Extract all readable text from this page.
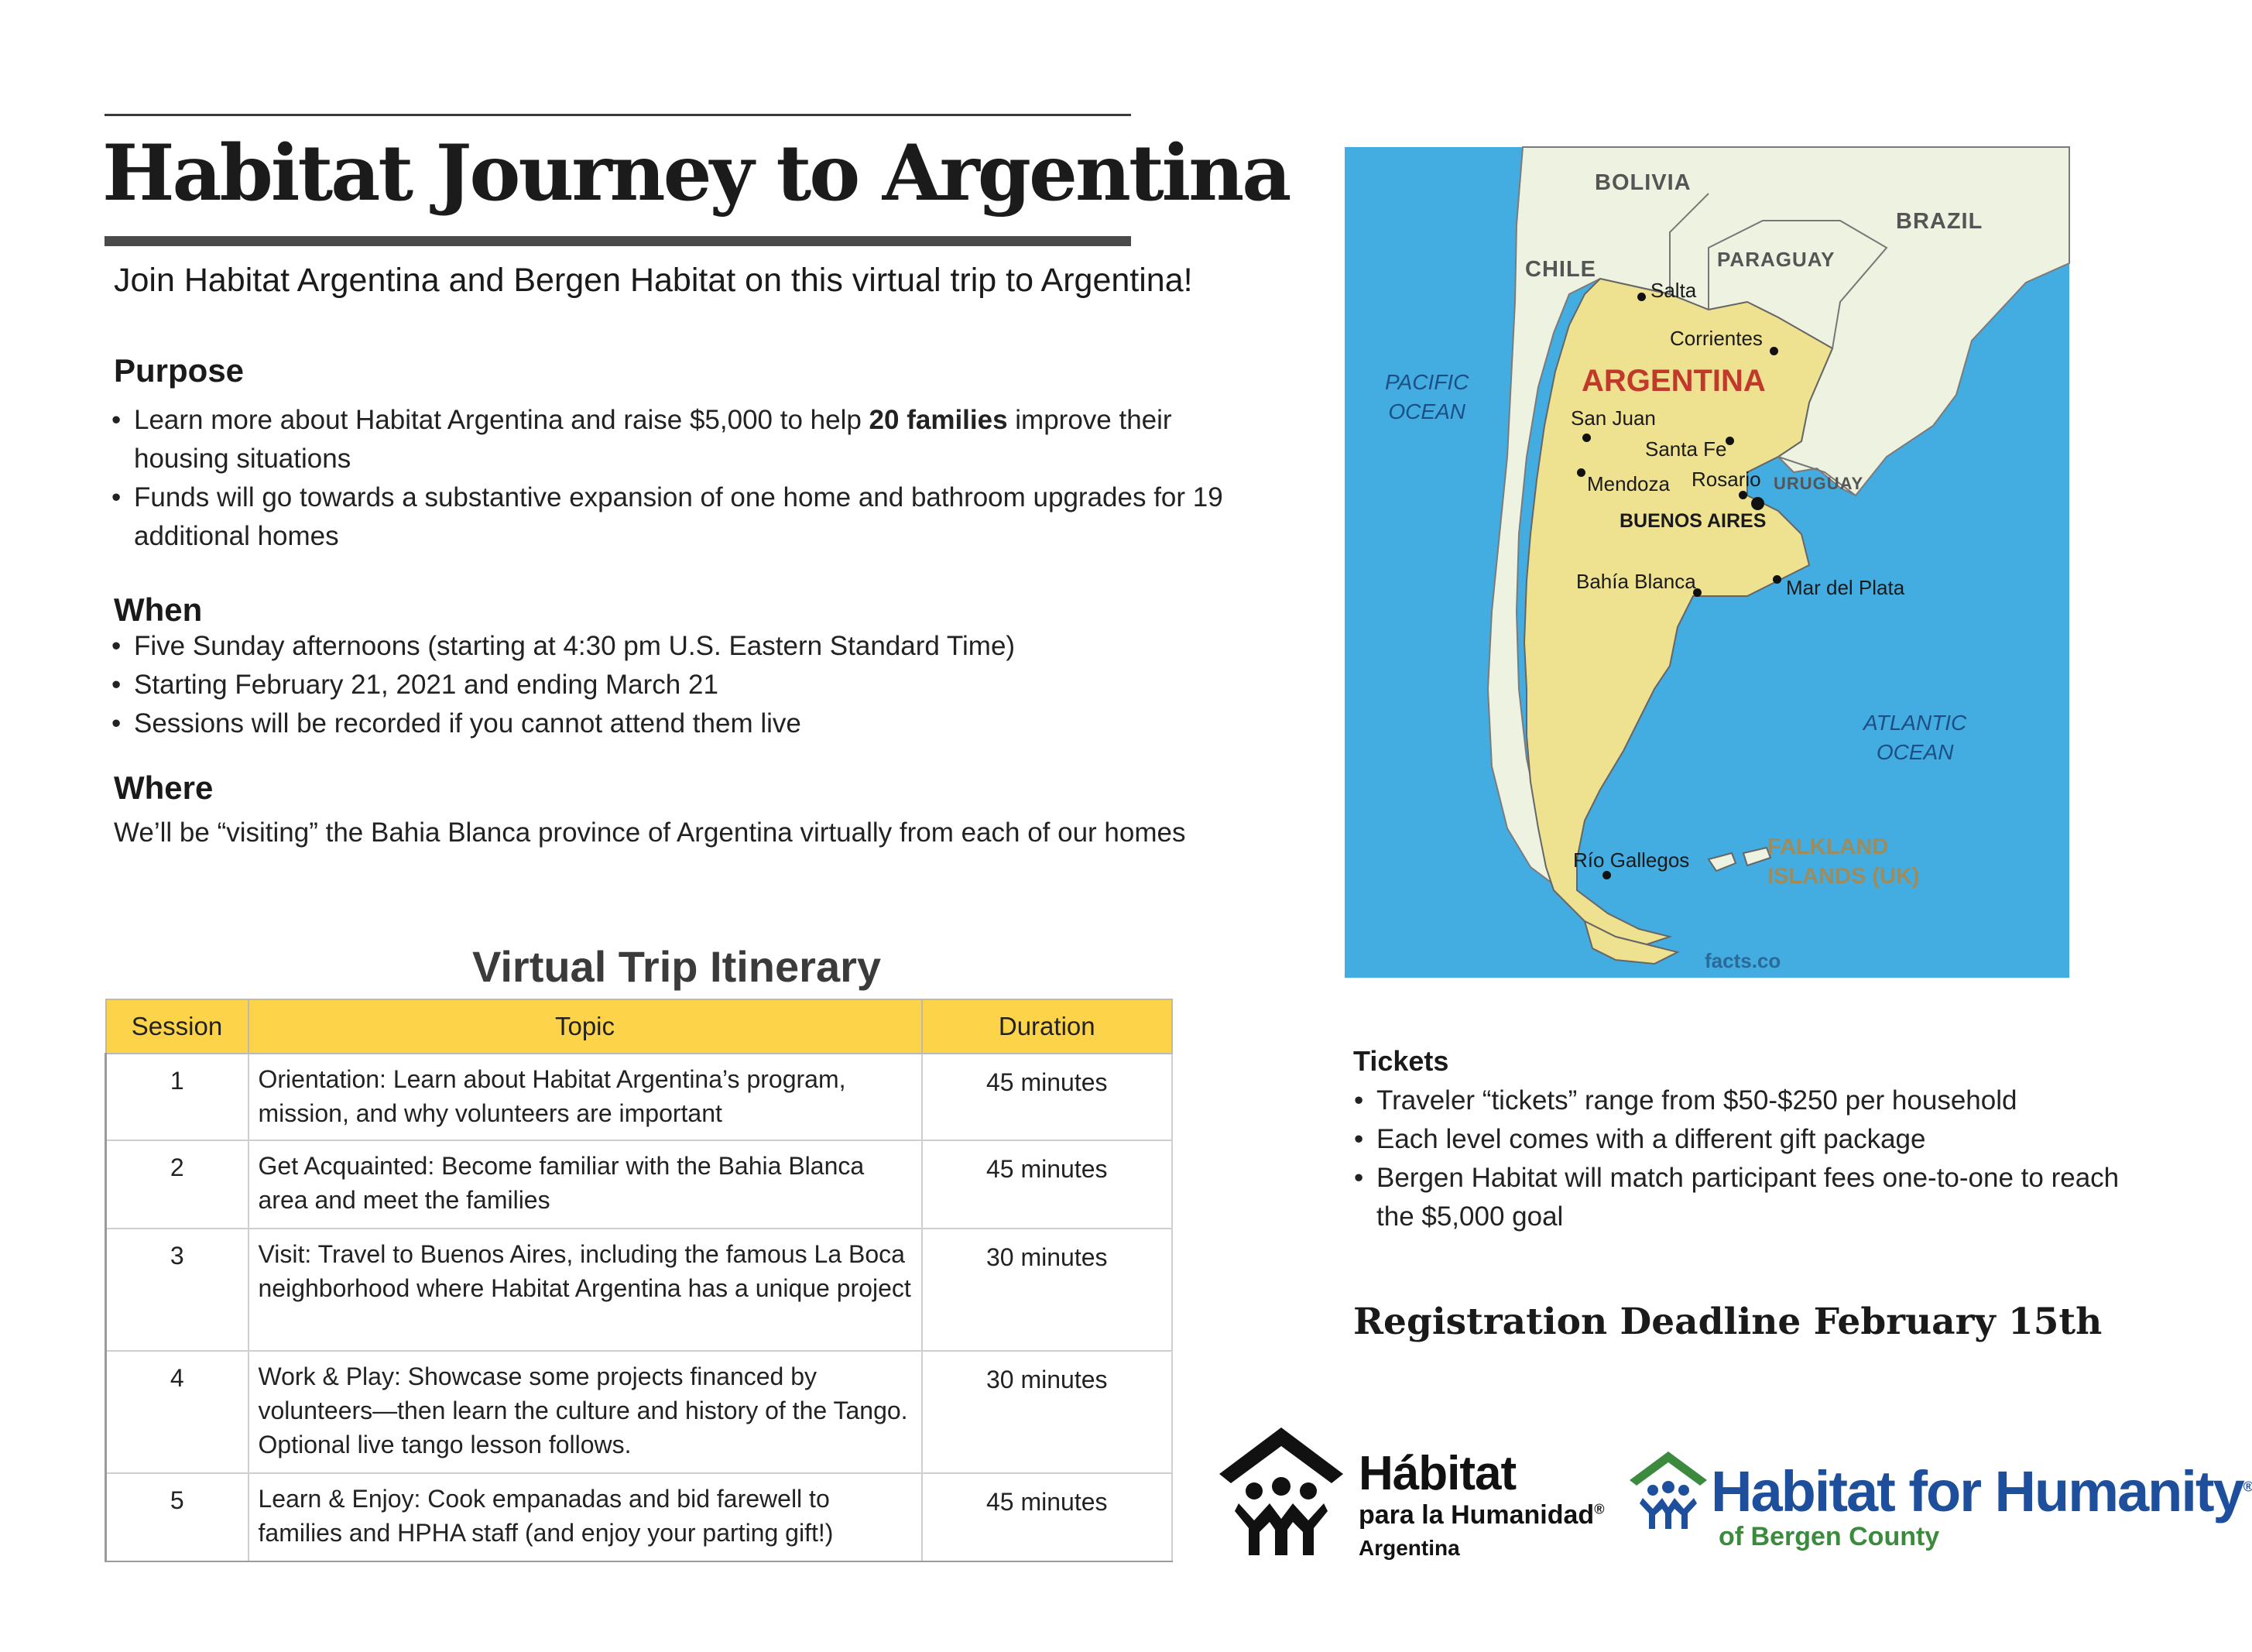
Habitat Journey to Argentina
Join Habitat Argentina and Bergen Habitat on this virtual trip to Argentina!
Purpose
• Learn more about Habitat Argentina and raise $5,000 to help 20 families improve their housing situations
• Funds will go towards a substantive expansion of one home and bathroom upgrades for 19 additional homes
When
• Five Sunday afternoons (starting at 4:30 pm U.S. Eastern Standard Time)
• Starting February 21, 2021 and ending March 21
• Sessions will be recorded if you cannot attend them live
Where
We’ll be “visiting” the Bahia Blanca province of Argentina virtually from each of our homes
Virtual Trip Itinerary
Session	Topic	Duration
1	Orientation: Learn about Habitat Argentina’s program, mission, and why volunteers are important	45 minutes
2	Get Acquainted: Become familiar with the Bahia Blanca area and meet the families	45 minutes
3	Visit: Travel to Buenos Aires, including the famous La Boca neighborhood where Habitat Argentina has a unique project	30 minutes
4	Work & Play: Showcase some projects financed by volunteers—then learn the culture and history of the Tango. Optional live tango lesson follows.	30 minutes
5	Learn & Enjoy: Cook empanadas and bid farewell to families and HPHA staff (and enjoy your parting gift!)	45 minutes
BOLIVIA
BRAZIL
CHILE	PARAGUAY
URUGUAY
ARGENTINA
PACIFIC
OCEAN
ATLANTIC
OCEAN
Salta
Corrientes
San Juan
Santa Fe
Mendoza Rosario
BUENOS AIRES
Bahía Blanca	Mar del Plata
Río Gallegos
FALKLAND
ISLANDS (UK)
facts.co
Tickets
• Traveler “tickets” range from $50-$250 per household
• Each level comes with a different gift package
• Bergen Habitat will match participant fees one-to-one to reach the $5,000 goal
Registration Deadline February 15th
Hábitat
para la Humanidad®
Argentina
Habitat for Humanity®
of Bergen County
